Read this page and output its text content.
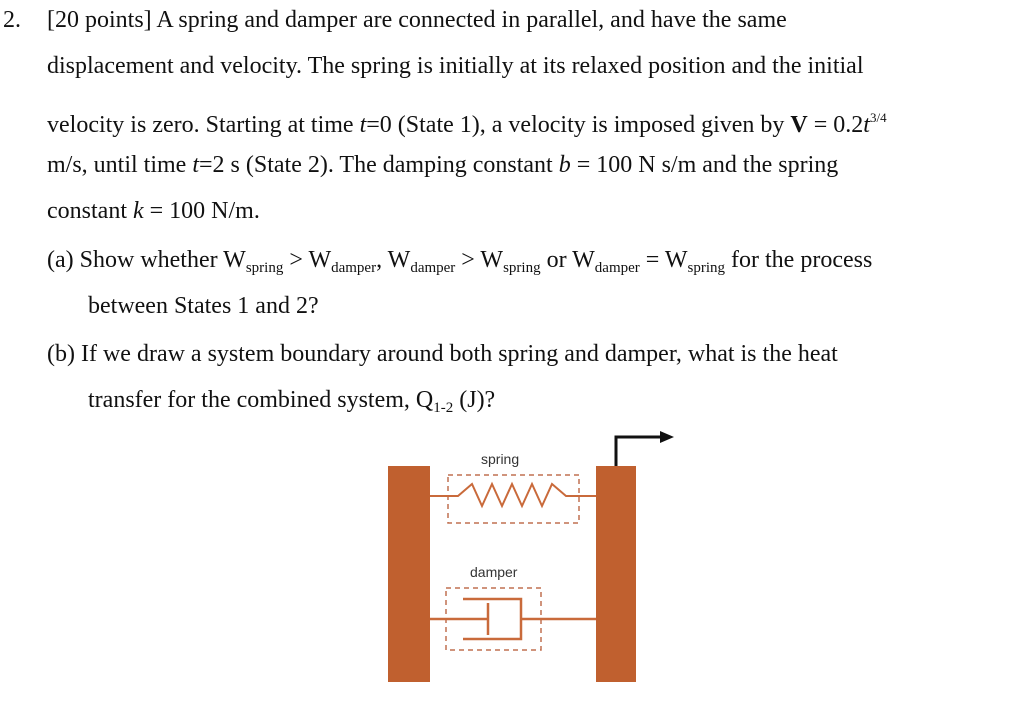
2. [20 points] A spring and damper are connected in parallel, and have the same
displacement and velocity. The spring is initially at its relaxed position and the initial
velocity is zero. Starting at time t=0 (State 1), a velocity is imposed given by $V = 0.2t^{3/4}$
m/s, until time t=2 s (State 2). The damping constant b = 100 N s/m and the spring
constant k = 100 N/m.
(a) Show whether $W_{spring} > W_{damper}$, $W_{damper} > W_{spring}$ or $W_{damper} = W_{spring}$ for the process
between States 1 and 2?
(b) If we draw a system boundary around both spring and damper, what is the heat
transfer for the combined system, $Q_{1-2}$ (J)?
spring
damper
